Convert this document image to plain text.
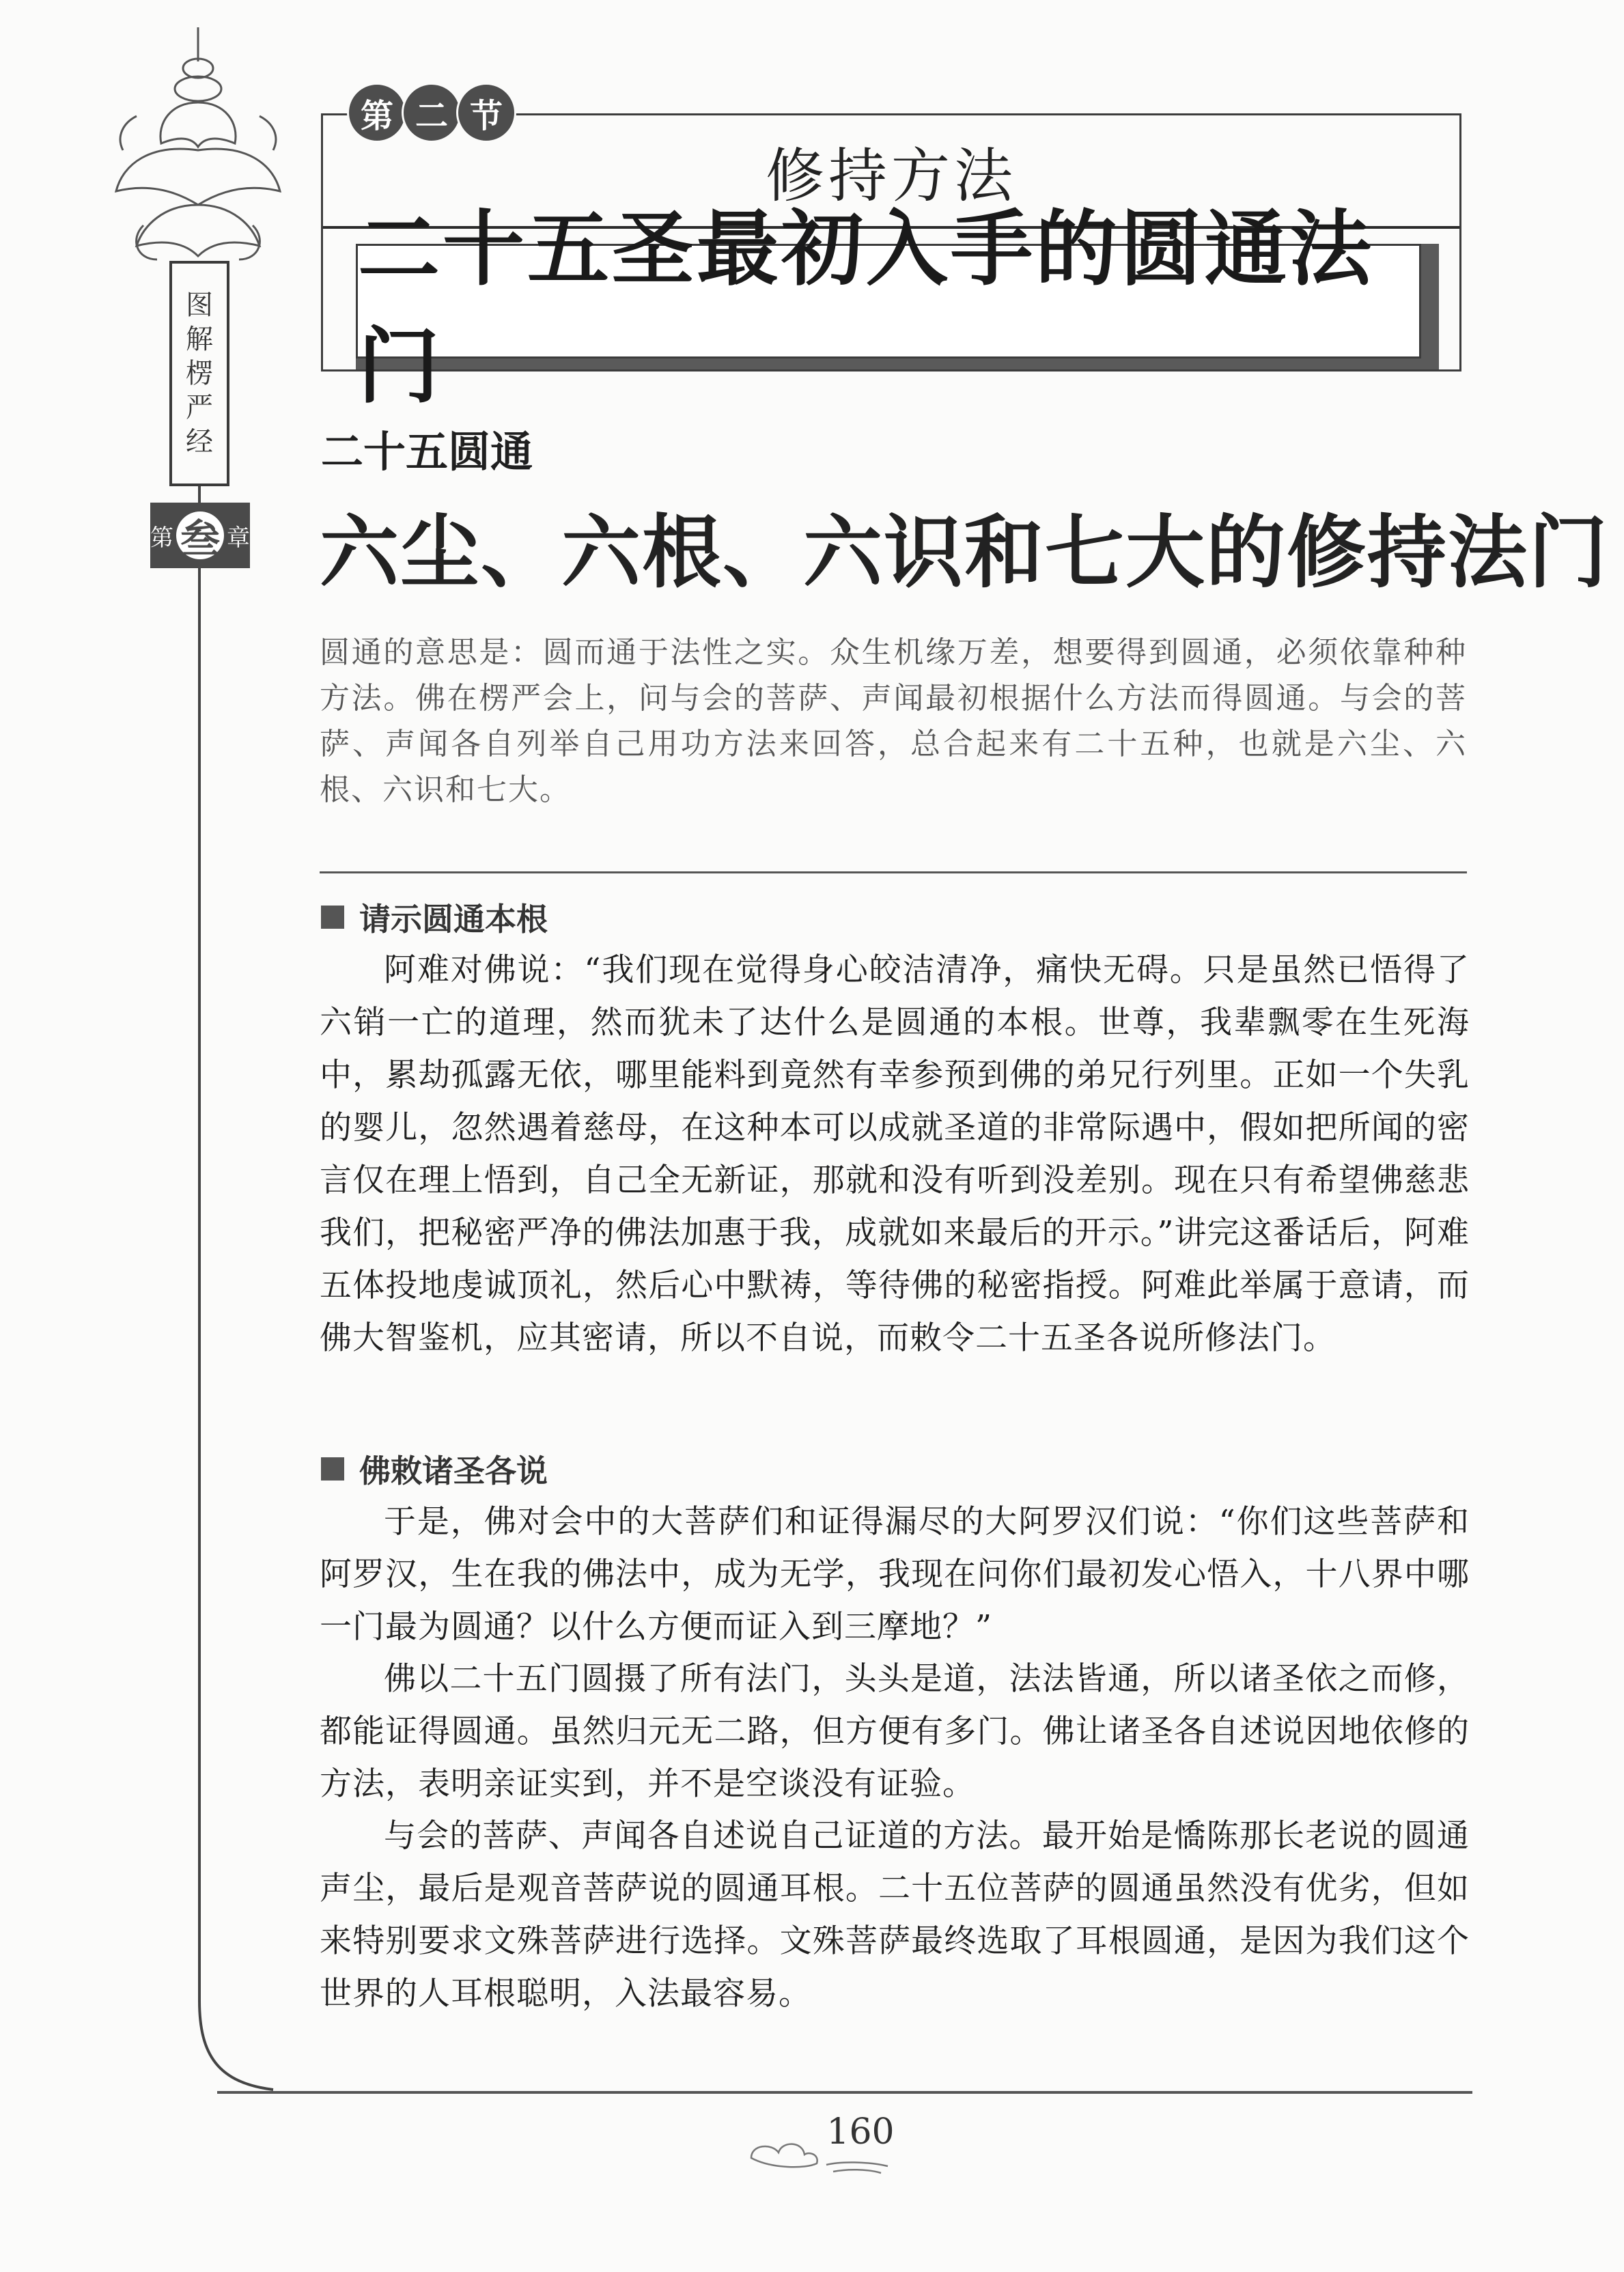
图
解
楞
严
经
第 叁 章
修持方法
二十五圣最初入手的圆通法门
第 二 节
二十五圆通
六尘、六根、六识和七大的修持法门
圆通的意思是：圆而通于法性之实。众生机缘万差，想要得到圆通，必须依靠种种方法。佛在楞严会上，问与会的菩萨、声闻最初根据什么方法而得圆通。与会的菩萨、声闻各自列举自己用功方法来回答，总合起来有二十五种，也就是六尘、六根、六识和七大。
请示圆通本根
阿难对佛说：“我们现在觉得身心皎洁清净，痛快无碍。只是虽然已悟得了六销一亡的道理，然而犹未了达什么是圆通的本根。世尊，我辈飘零在生死海中，累劫孤露无依，哪里能料到竟然有幸参预到佛的弟兄行列里。正如一个失乳的婴儿，忽然遇着慈母，在这种本可以成就圣道的非常际遇中，假如把所闻的密言仅在理上悟到，自己全无新证，那就和没有听到没差别。现在只有希望佛慈悲我们，把秘密严净的佛法加惠于我，成就如来最后的开示。”讲完这番话后，阿难五体投地虔诚顶礼，然后心中默祷，等待佛的秘密指授。阿难此举属于意请，而佛大智鉴机，应其密请，所以不自说，而敕令二十五圣各说所修法门。
佛敕诸圣各说
于是，佛对会中的大菩萨们和证得漏尽的大阿罗汉们说：“你们这些菩萨和阿罗汉，生在我的佛法中，成为无学，我现在问你们最初发心悟入，十八界中哪一门最为圆通？以什么方便而证入到三摩地？”
佛以二十五门圆摄了所有法门，头头是道，法法皆通，所以诸圣依之而修，都能证得圆通。虽然归元无二路，但方便有多门。佛让诸圣各自述说因地依修的方法，表明亲证实到，并不是空谈没有证验。
与会的菩萨、声闻各自述说自己证道的方法。最开始是憍陈那长老说的圆通声尘，最后是观音菩萨说的圆通耳根。二十五位菩萨的圆通虽然没有优劣，但如来特别要求文殊菩萨进行选择。文殊菩萨最终选取了耳根圆通，是因为我们这个世界的人耳根聪明，入法最容易。
160
